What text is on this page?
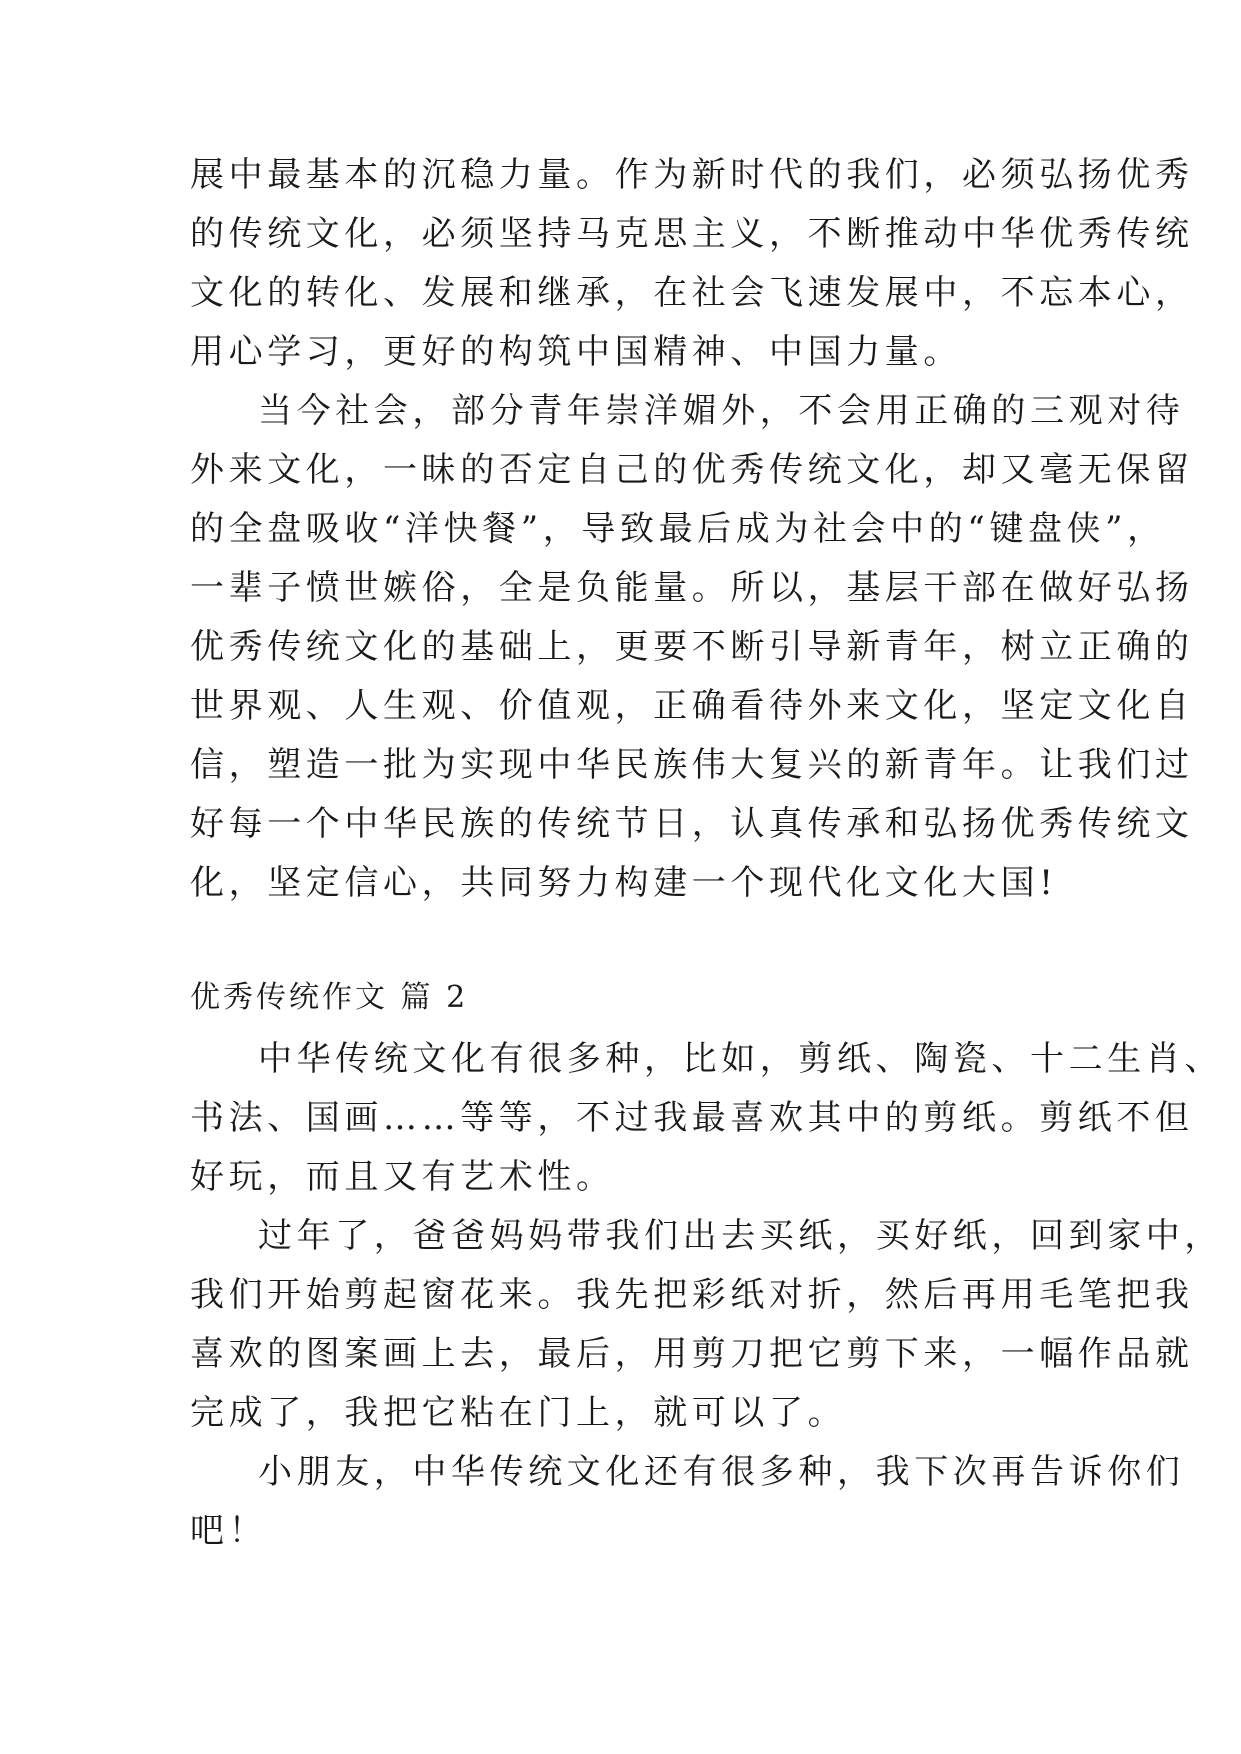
展中最基本的沉稳力量。作为新时代的我们，必须弘扬优秀
的传统文化，必须坚持马克思主义，不断推动中华优秀传统
文化的转化、发展和继承，在社会飞速发展中，不忘本心，
用心学习，更好的构筑中国精神、中国力量。
当今社会，部分青年崇洋媚外，不会用正确的三观对待
外来文化，一昧的否定自己的优秀传统文化，却又毫无保留
的全盘吸收“洋快餐”，导致最后成为社会中的“键盘侠”，
一辈子愤世嫉俗，全是负能量。所以，基层干部在做好弘扬
优秀传统文化的基础上，更要不断引导新青年，树立正确的
世界观、人生观、价值观，正确看待外来文化，坚定文化自
信，塑造一批为实现中华民族伟大复兴的新青年。让我们过
好每一个中华民族的传统节日，认真传承和弘扬优秀传统文
化，坚定信心，共同努力构建一个现代化文化大国!
优秀传统作文 篇 2
中华传统文化有很多种，比如，剪纸、陶瓷、十二生肖、
书法、国画……等等，不过我最喜欢其中的剪纸。剪纸不但
好玩，而且又有艺术性。
过年了，爸爸妈妈带我们出去买纸，买好纸，回到家中，
我们开始剪起窗花来。我先把彩纸对折，然后再用毛笔把我
喜欢的图案画上去，最后，用剪刀把它剪下来，一幅作品就
完成了，我把它粘在门上，就可以了。
小朋友，中华传统文化还有很多种，我下次再告诉你们
吧！
